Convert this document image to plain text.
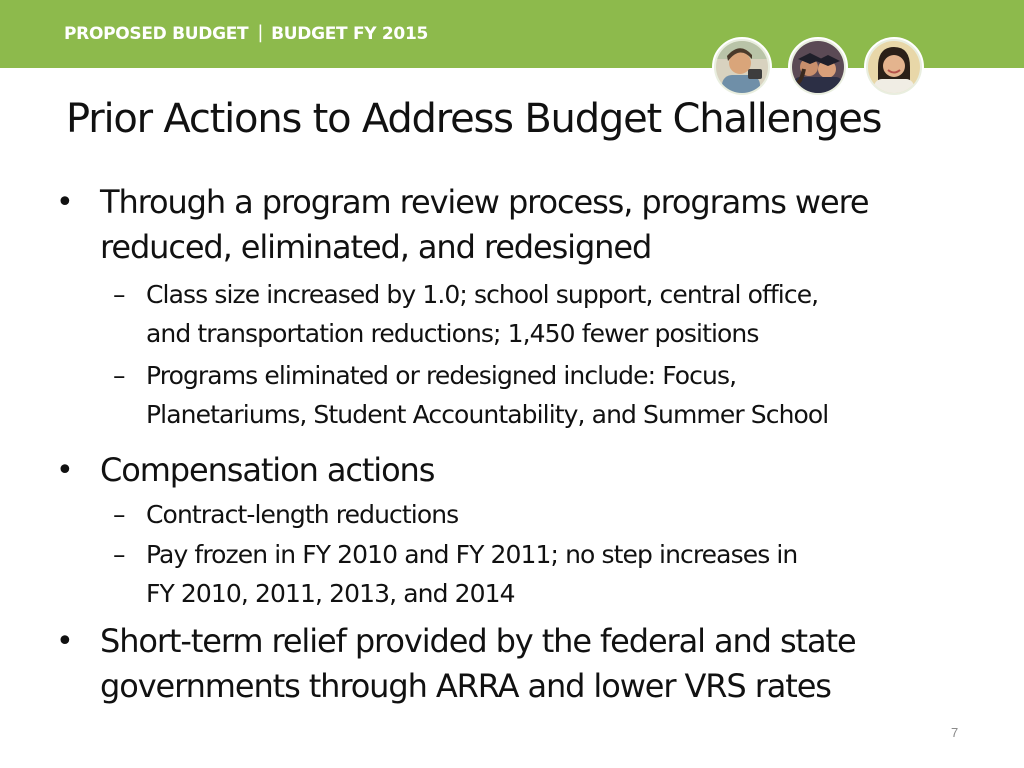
PROPOSED BUDGET | BUDGET FY 2015
Prior Actions to Address Budget Challenges
• Through a program review process, programs were
reduced, eliminated, and redesigned
– Class size increased by 1.0; school support, central office,
and transportation reductions; 1,450 fewer positions
– Programs eliminated or redesigned include: Focus,
Planetariums, Student Accountability, and Summer School
• Compensation actions
– Contract-length reductions
– Pay frozen in FY 2010 and FY 2011; no step increases in
FY 2010, 2011, 2013, and 2014
• Short-term relief provided by the federal and state
governments through ARRA and lower VRS rates
7
